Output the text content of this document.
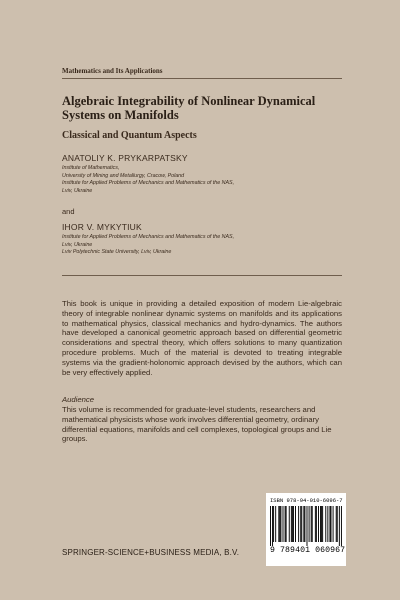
Mathematics and Its Applications
Algebraic Integrability of Nonlinear Dynamical Systems on Manifolds
Classical and Quantum Aspects
ANATOLIY K. PRYKARPATSKY
Institute of Mathematics,
University of Mining and Metallurgy, Cracow, Poland
Institute for Applied Problems of Mechanics and Mathematics of the NAS,
Lviv, Ukraine
and
IHOR V. MYKYTIUK
Institute for Applied Problems of Mechanics and Mathematics of the NAS,
Lviv, Ukraine
Lviv Polytechnic State University, Lviv, Ukraine

This book is unique in providing a detailed exposition of modern Lie-algebraic theory of integrable nonlinear dynamic systems on manifolds and its applications to mathematical physics, classical mechanics and hydro-dynamics. The authors have developed a canonical geometric approach based on differential geometric considerations and spectral theory, which offers solutions to many quantization procedure problems. Much of the material is devoted to treating integrable systems via the gradient-holonomic approach devised by the authors, which can be very effectively applied.

Audience

This volume is recommended for graduate-level students, researchers and mathematical physicists whose work involves differential geometry, ordinary differential equations, manifolds and cell complexes, topological groups and Lie groups.

ISBN 978-94-010-6096-7
9 789401 060967
SPRINGER-SCIENCE+BUSINESS MEDIA, B.V.
